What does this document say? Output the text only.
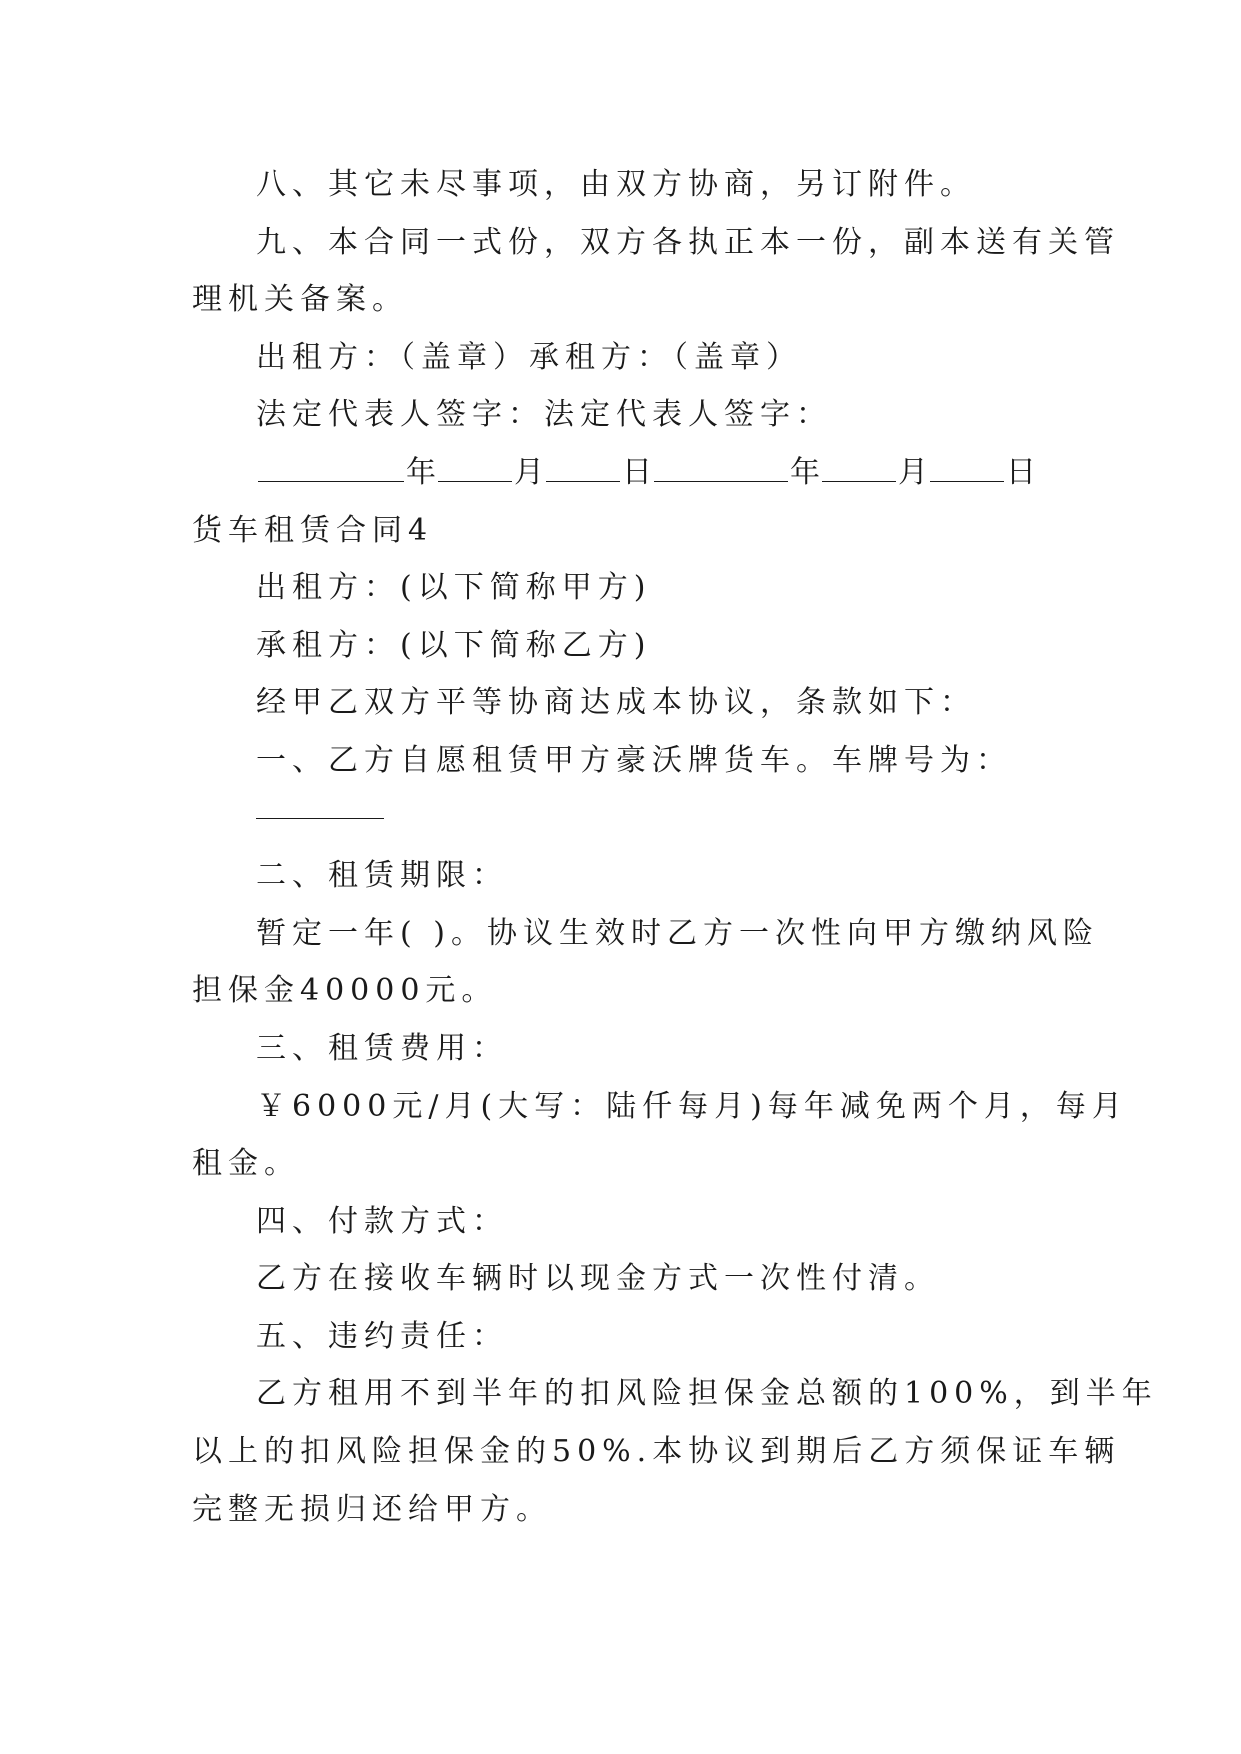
八、其它未尽事项，由双方协商，另订附件。
九、本合同一式份，双方各执正本一份，副本送有关管
理机关备案。
出租方：（盖章）承租方：（盖章）
法定代表人签字：法定代表人签字：
年	月	日	年	月	日
货车租赁合同4
出租方：(以下简称甲方)
承租方：(以下简称乙方)
经甲乙双方平等协商达成本协议，条款如下：
一、乙方自愿租赁甲方豪沃牌货车。车牌号为：
二、租赁期限：
暂定一年( )。协议生效时乙方一次性向甲方缴纳风险
担保金40000元。
三、租赁费用：
￥6000元/月(大写：陆仟每月)每年减免两个月，每月
租金。
四、付款方式：
乙方在接收车辆时以现金方式一次性付清。
五、违约责任：
乙方租用不到半年的扣风险担保金总额的100%，到半年
以上的扣风险担保金的50%.本协议到期后乙方须保证车辆
完整无损归还给甲方。
